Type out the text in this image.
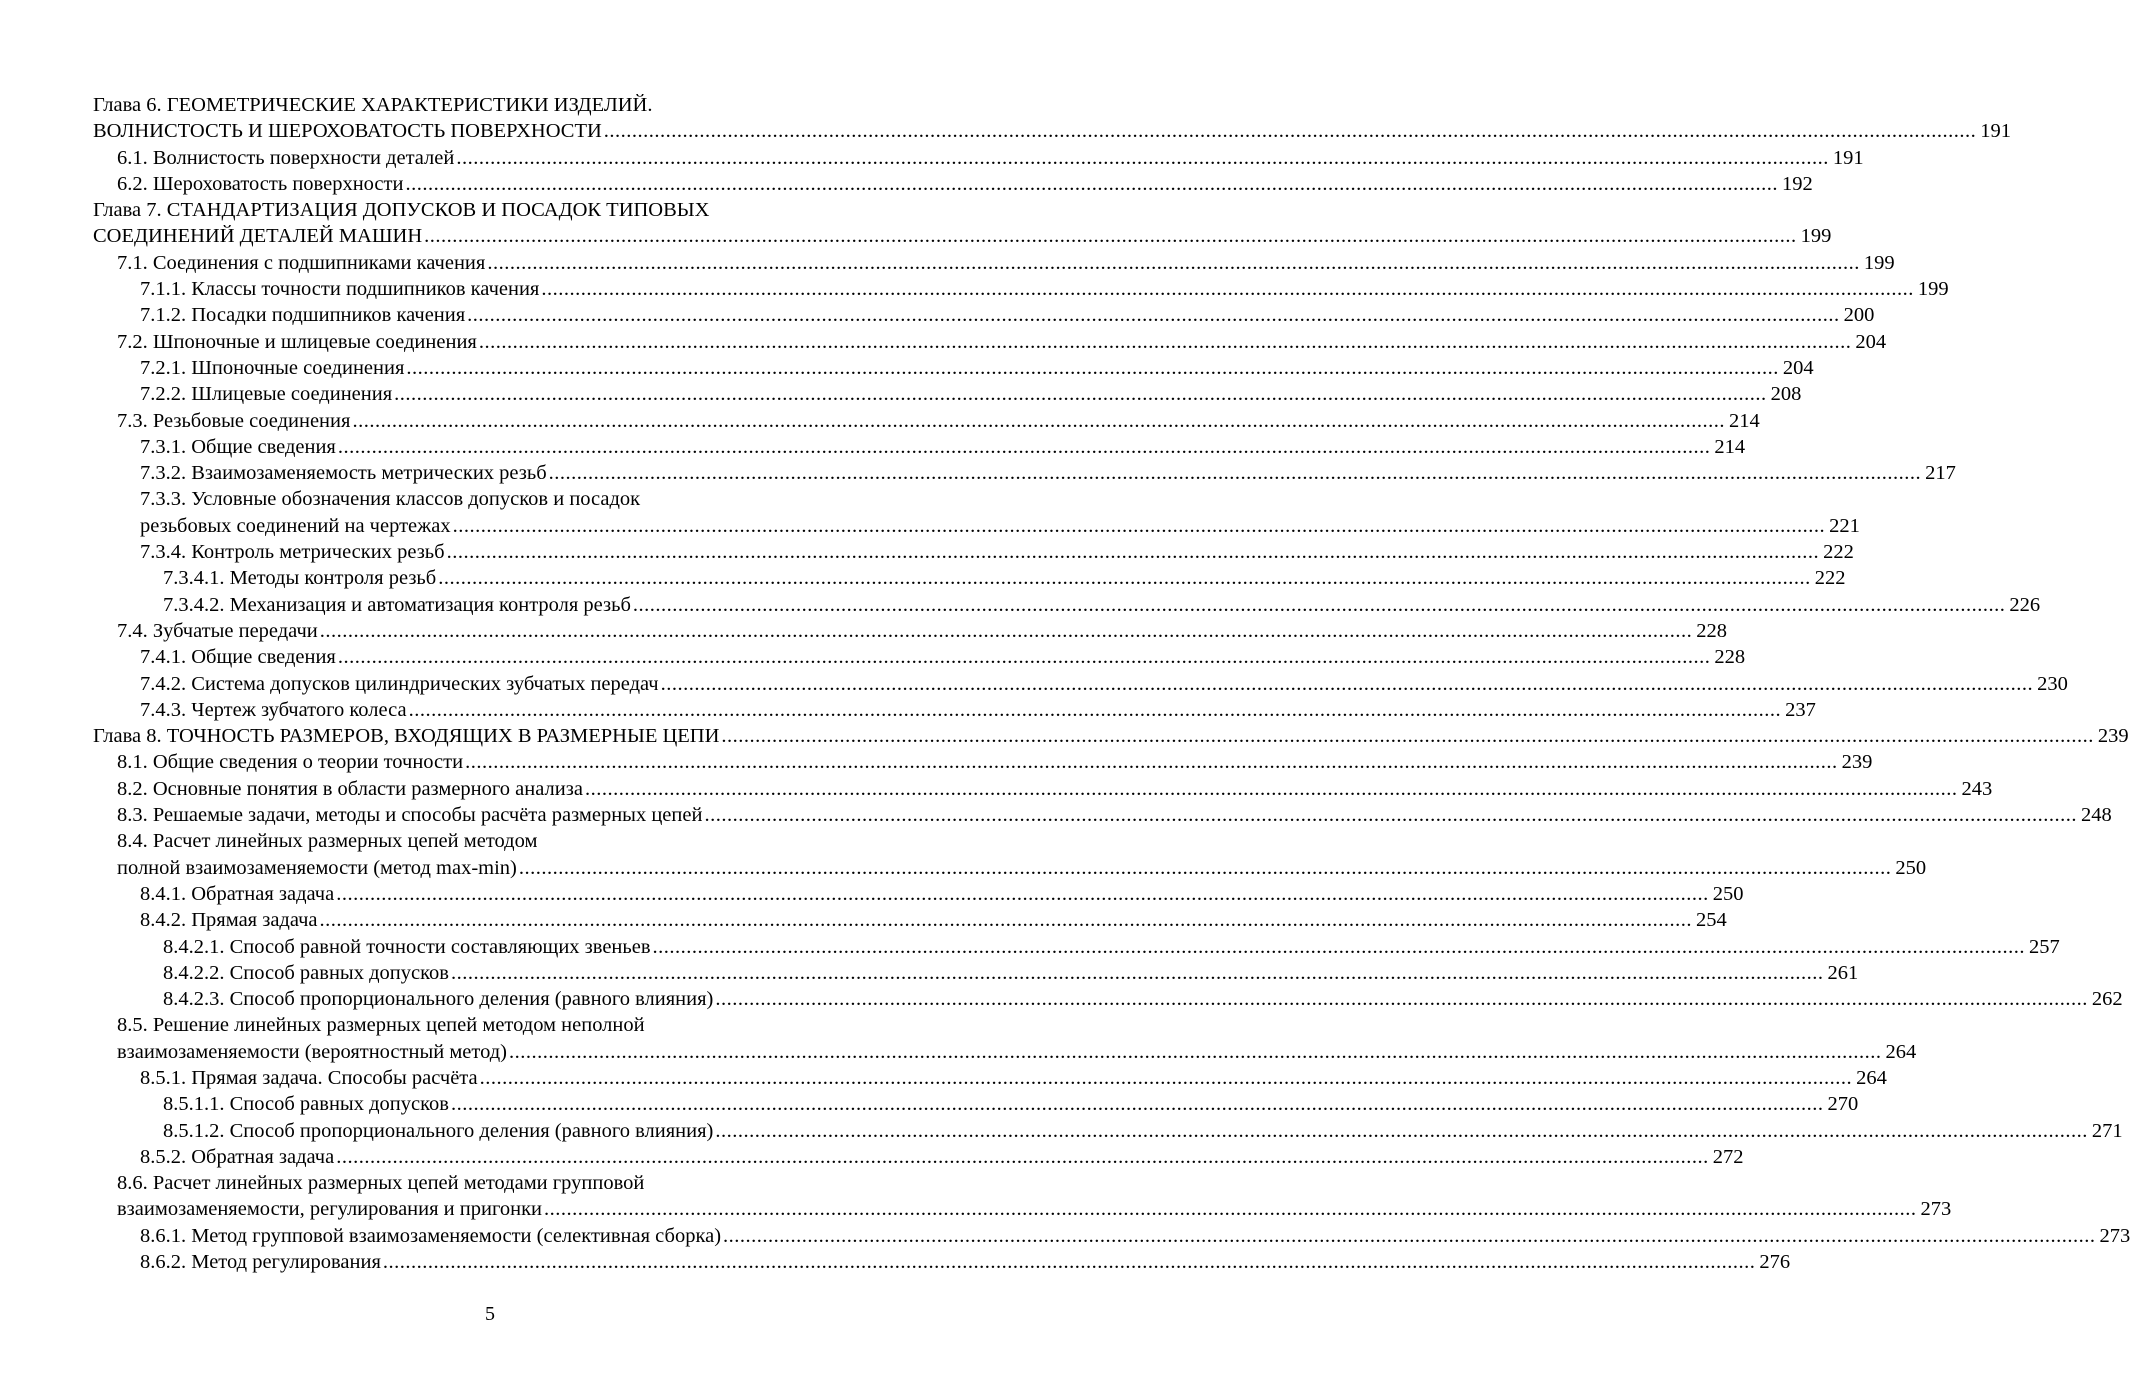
Глава 6. ГЕОМЕТРИЧЕСКИЕ ХАРАКТЕРИСТИКИ ИЗДЕЛИЙ.
ВОЛНИСТОСТЬ И ШЕРОХОВАТОСТЬ ПОВЕРХНОСТИ .....	191
6.1. Волнистость поверхности деталей .....	191
6.2. Шероховатость поверхности .....	192
Глава 7. СТАНДАРТИЗАЦИЯ ДОПУСКОВ И ПОСАДОК ТИПОВЫХ
СОЕДИНЕНИЙ ДЕТАЛЕЙ МАШИН .....	199
7.1. Соединения с подшипниками качения .....	199
7.1.1. Классы точности подшипников качения .....	199
7.1.2. Посадки подшипников качения .....	200
7.2. Шпоночные и шлицевые соединения .....	204
7.2.1. Шпоночные соединения .....	204
7.2.2. Шлицевые соединения .....	208
7.3. Резьбовые соединения .....	214
7.3.1. Общие сведения .....	214
7.3.2. Взаимозаменяемость метрических резьб .....	217
7.3.3. Условные обозначения классов допусков и посадок
резьбовых соединений на чертежах .....	221
7.3.4. Контроль метрических резьб .....	222
7.3.4.1. Методы контроля резьб .....	222
7.3.4.2. Механизация и автоматизация контроля резьб .....	226
7.4. Зубчатые передачи .....	228
7.4.1. Общие сведения .....	228
7.4.2. Система допусков цилиндрических зубчатых передач .....	230
7.4.3. Чертеж зубчатого колеса .....	237
Глава 8. ТОЧНОСТЬ РАЗМЕРОВ, ВХОДЯЩИХ В РАЗМЕРНЫЕ ЦЕПИ .....	239
8.1. Общие сведения о теории точности .....	239
8.2. Основные понятия в области размерного анализа .....	243
8.3. Решаемые задачи, методы и способы расчёта размерных цепей .....	248
8.4. Расчет линейных размерных цепей методом
полной взаимозаменяемости (метод max-min) .....	250
8.4.1. Обратная задача .....	250
8.4.2. Прямая задача .....	254
8.4.2.1. Способ равной точности составляющих звеньев .....	257
8.4.2.2. Способ равных допусков .....	261
8.4.2.3. Способ пропорционального деления (равного влияния) .....	262
8.5. Решение линейных размерных цепей методом неполной
взаимозаменяемости (вероятностный метод) .....	264
8.5.1. Прямая задача. Способы расчёта .....	264
8.5.1.1. Способ равных допусков .....	270
8.5.1.2. Способ пропорционального деления (равного влияния) .....	271
8.5.2. Обратная задача .....	272
8.6. Расчет линейных размерных цепей методами групповой
взаимозаменяемости, регулирования и пригонки .....	273
8.6.1. Метод групповой взаимозаменяемости (селективная сборка) .....	273
8.6.2. Метод регулирования .....	276
5
